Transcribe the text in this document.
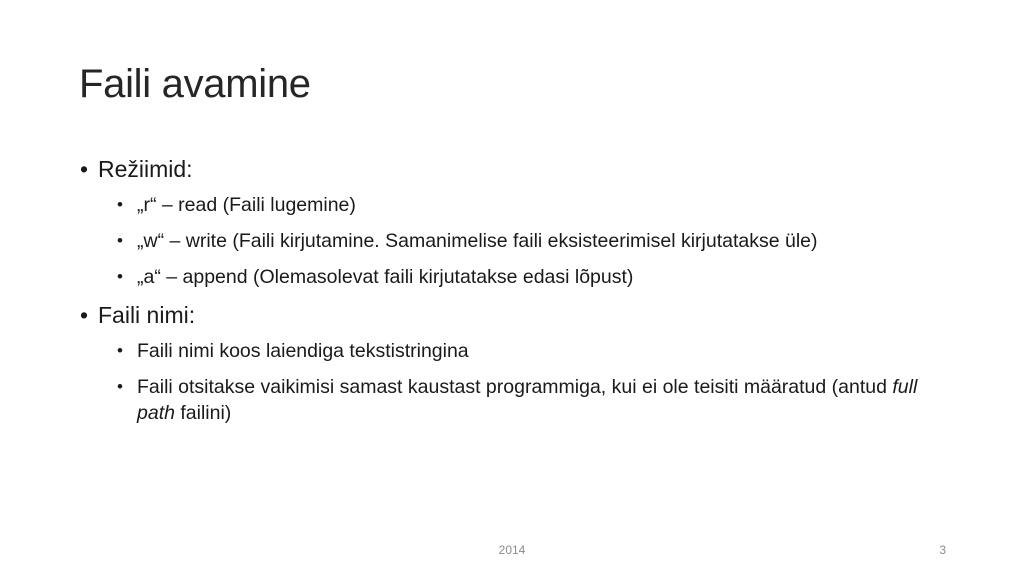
Faili avamine
• Režiimid:
• „r“ – read (Faili lugemine)
• „w“ – write (Faili kirjutamine. Samanimelise faili eksisteerimisel kirjutatakse üle)
• „a“ – append (Olemasolevat faili kirjutatakse edasi lõpust)
• Faili nimi:
• Faili nimi koos laiendiga tekstistringina
• Faili otsitakse vaikimisi samast kaustast programmiga, kui ei ole teisiti määratud (antud full path failini)
2014	3
